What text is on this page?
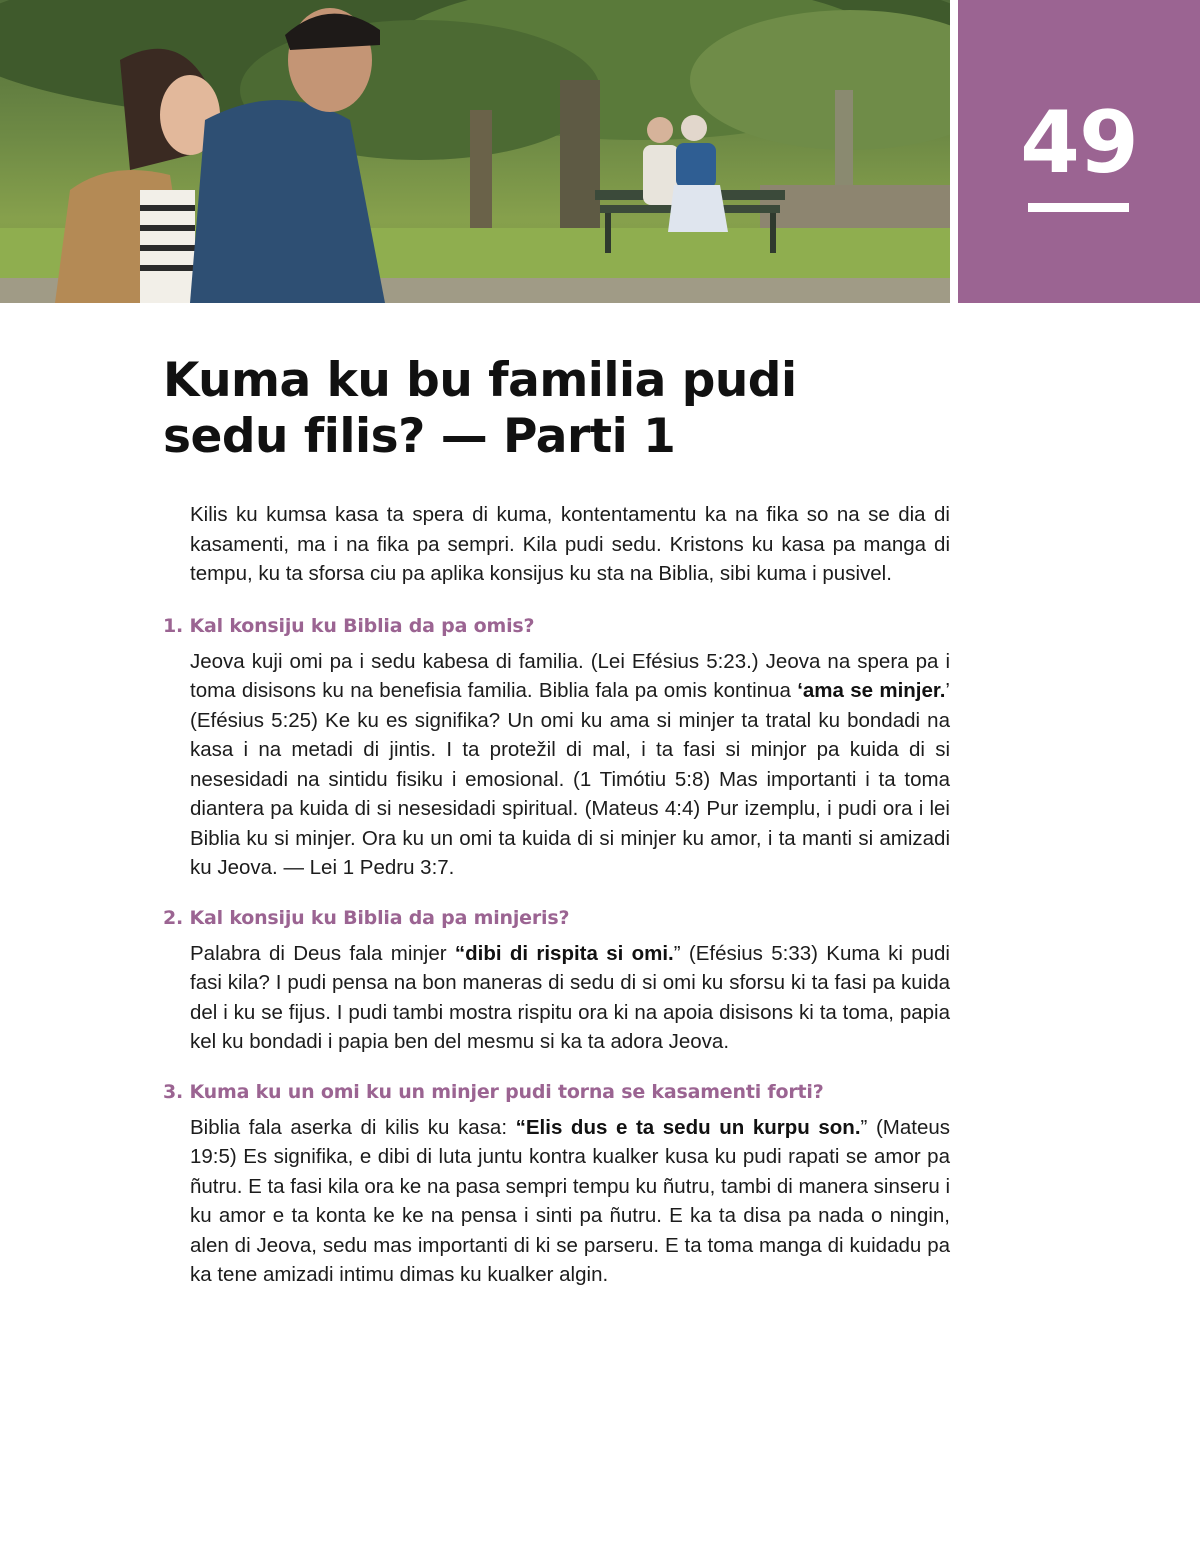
49
Kuma ku bu familia pudi
sedu filis? — Parti 1

Kilis ku kumsa kasa ta spera di kuma, kontentamentu ka na fika so na se dia di kasamenti, ma i na fika pa sempri. Kila pudi sedu. Kristons ku kasa pa manga di tempu, ku ta sforsa ciu pa aplika konsijus ku sta na Biblia, sibi kuma i pusivel.

1. Kal konsiju ku Biblia da pa omis?

Jeova kuji omi pa i sedu kabesa di familia. (Lei Efésius 5:23.) Jeova na spera pa i toma disisons ku na benefisia familia. Biblia fala pa omis kontinua ‘ama se minjer.’ (Efésius 5:25) Ke ku es signifika? Un omi ku ama si minjer ta tratal ku bondadi na kasa i na metadi di jintis. I ta protežil di mal, i ta fasi si minjor pa kuida di si nesesidadi na sintidu fisiku i emosional. (1 Timótiu 5:8) Mas importanti i ta toma diantera pa kuida di si nesesidadi spiritual. (Mateus 4:4) Pur izemplu, i pudi ora i lei Biblia ku si minjer. Ora ku un omi ta kuida di si minjer ku amor, i ta manti si amizadi ku Jeova. — Lei 1 Pedru 3:7.

2. Kal konsiju ku Biblia da pa minjeris?

Palabra di Deus fala minjer “dibi di rispita si omi.” (Efésius 5:33) Kuma ki pudi fasi kila? I pudi pensa na bon maneras di sedu di si omi ku sforsu ki ta fasi pa kuida del i ku se fijus. I pudi tambi mostra rispitu ora ki na apoia disisons ki ta toma, papia kel ku bondadi i papia ben del mesmu si ka ta adora Jeova.

3. Kuma ku un omi ku un minjer pudi torna se kasamenti forti?

Biblia fala aserka di kilis ku kasa: “Elis dus e ta sedu un kurpu son.” (Mateus 19:5) Es signifika, e dibi di luta juntu kontra kualker kusa ku pudi rapati se amor pa ñutru. E ta fasi kila ora ke na pasa sempri tempu ku ñutru, tambi di manera sinseru i ku amor e ta konta ke ke na pensa i sinti pa ñutru. E ka ta disa pa nada o ningin, alen di Jeova, sedu mas importanti di ki se parseru. E ta toma manga di kuidadu pa ka tene amizadi intimu dimas ku kualker algin.
